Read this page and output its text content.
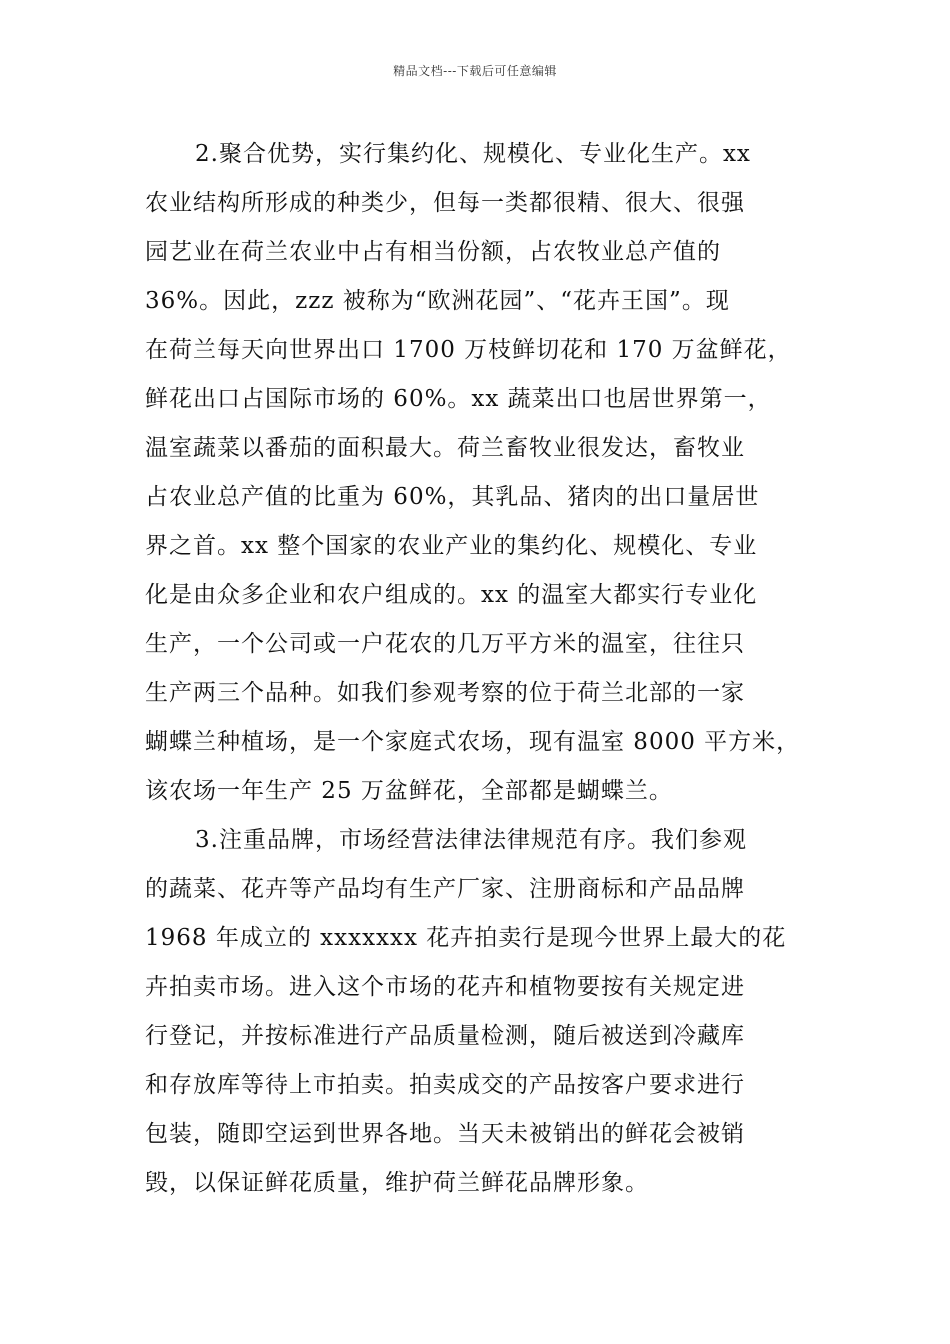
精品文档---下载后可任意编辑
2.聚合优势，实行集约化、规模化、专业化生产。xx
农业结构所形成的种类少，但每一类都很精、很大、很强
园艺业在荷兰农业中占有相当份额，占农牧业总产值的
36%。因此，zzz 被称为“欧洲花园”、“花卉王国”。现
在荷兰每天向世界出口 1700 万枝鲜切花和 170 万盆鲜花，
鲜花出口占国际市场的 60%。xx 蔬菜出口也居世界第一，
温室蔬菜以番茄的面积最大。荷兰畜牧业很发达，畜牧业
占农业总产值的比重为 60%，其乳品、猪肉的出口量居世
界之首。xx 整个国家的农业产业的集约化、规模化、专业
化是由众多企业和农户组成的。xx 的温室大都实行专业化
生产，一个公司或一户花农的几万平方米的温室，往往只
生产两三个品种。如我们参观考察的位于荷兰北部的一家
蝴蝶兰种植场，是一个家庭式农场，现有温室 8000 平方米，
该农场一年生产 25 万盆鲜花，全部都是蝴蝶兰。
3.注重品牌，市场经营法律法律规范有序。我们参观
的蔬菜、花卉等产品均有生产厂家、注册商标和产品品牌
1968 年成立的 xxxxxxx 花卉拍卖行是现今世界上最大的花
卉拍卖市场。进入这个市场的花卉和植物要按有关规定进
行登记，并按标准进行产品质量检测，随后被送到冷藏库
和存放库等待上市拍卖。拍卖成交的产品按客户要求进行
包装，随即空运到世界各地。当天未被销出的鲜花会被销
毁，以保证鲜花质量，维护荷兰鲜花品牌形象。
